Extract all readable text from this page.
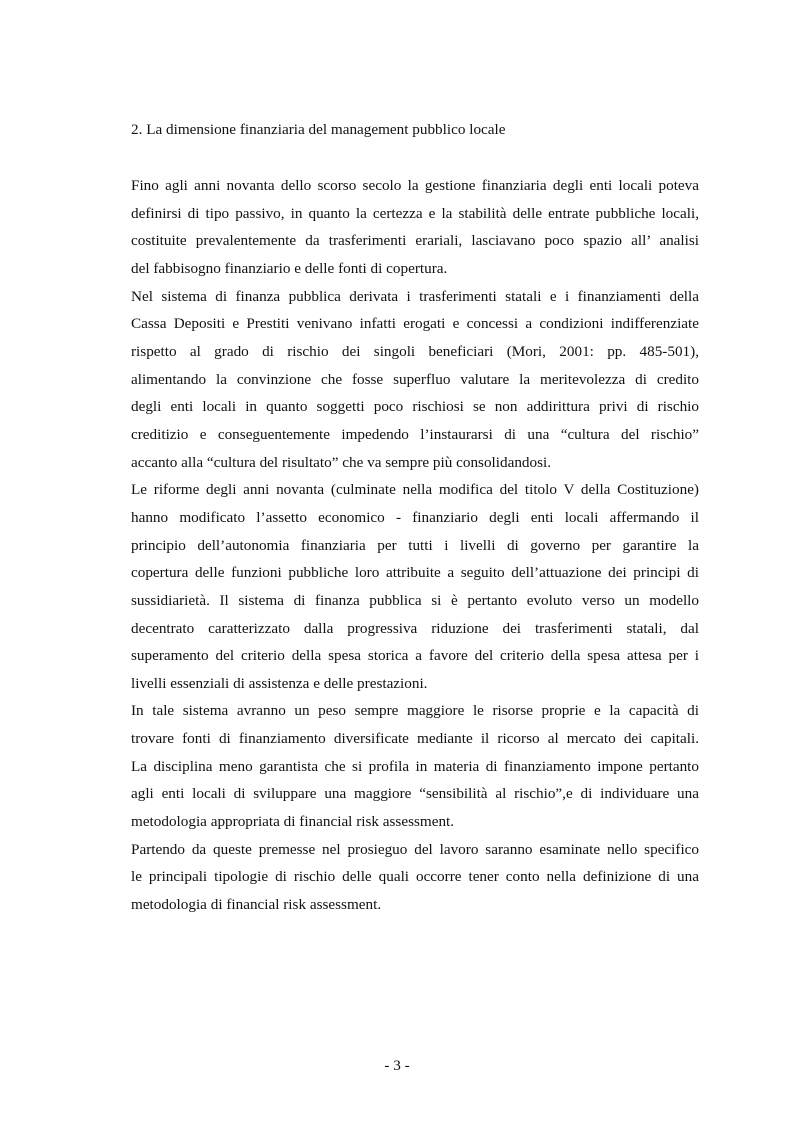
2. La dimensione finanziaria del management pubblico locale
Fino agli anni novanta dello scorso secolo la gestione finanziaria degli enti locali poteva
definirsi di tipo passivo, in quanto la certezza e la stabilità delle entrate pubbliche locali,
costituite prevalentemente da trasferimenti erariali, lasciavano poco spazio all’ analisi
del fabbisogno finanziario e delle fonti di copertura.
Nel sistema di finanza pubblica derivata i trasferimenti statali e i finanziamenti della
Cassa Depositi e Prestiti venivano infatti erogati e concessi a condizioni indifferenziate
rispetto al grado di rischio dei singoli beneficiari (Mori, 2001: pp. 485-501),
alimentando la convinzione che fosse superfluo valutare la meritevolezza di credito
degli enti locali in quanto soggetti poco rischiosi se non addirittura privi di rischio
creditizio e conseguentemente impedendo l’instaurarsi di una “cultura del rischio”
accanto alla “cultura del risultato” che va sempre più consolidandosi.
Le riforme degli anni novanta (culminate nella modifica del titolo V della Costituzione)
hanno modificato l’assetto economico - finanziario degli enti locali affermando il
principio dell’autonomia finanziaria per tutti i livelli di governo per garantire la
copertura delle funzioni pubbliche loro attribuite a seguito dell’attuazione dei principi di
sussidiarietà. Il sistema di finanza pubblica si è pertanto evoluto verso un modello
decentrato caratterizzato dalla progressiva riduzione dei trasferimenti statali, dal
superamento del criterio della spesa storica a favore del criterio della spesa attesa per i
livelli essenziali di assistenza e delle prestazioni.
In tale sistema avranno un peso sempre maggiore le risorse proprie e la capacità di
trovare fonti di finanziamento diversificate mediante il ricorso al mercato dei capitali.
La disciplina meno garantista che si profila in materia di finanziamento impone pertanto
agli enti locali di sviluppare una maggiore “sensibilità al rischio”,e di individuare una
metodologia appropriata di financial risk assessment.
Partendo da queste premesse nel prosieguo del lavoro saranno esaminate nello specifico
le principali tipologie di rischio delle quali occorre tener conto nella definizione di una
metodologia di financial risk assessment.
- 3 -
